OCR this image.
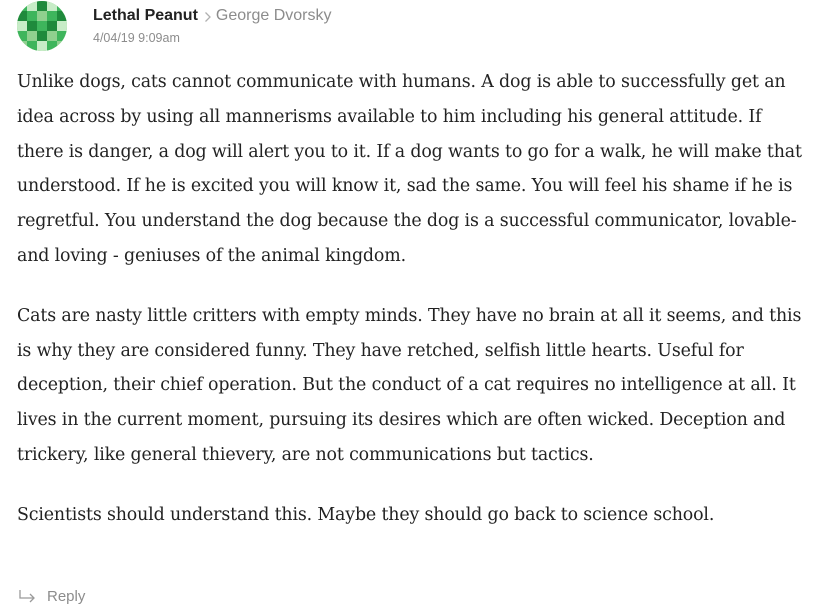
Lethal Peanut George Dvorsky
4/04/19 9:09am

Unlike dogs, cats cannot communicate with humans. A dog is able to successfully get an idea across by using all mannerisms available to him including his general attitude. If there is danger, a dog will alert you to it. If a dog wants to go for a walk, he will make that understood. If he is excited you will know it, sad the same. You will feel his shame if he is regretful. You understand the dog because the dog is a successful communicator, lovable- and loving - geniuses of the animal kingdom.

Cats are nasty little critters with empty minds. They have no brain at all it seems, and this is why they are considered funny. They have retched, selfish little hearts. Useful for deception, their chief operation. But the conduct of a cat requires no intelligence at all. It lives in the current moment, pursuing its desires which are often wicked. Deception and trickery, like general thievery, are not communications but tactics.

Scientists should understand this. Maybe they should go back to science school.

Reply
